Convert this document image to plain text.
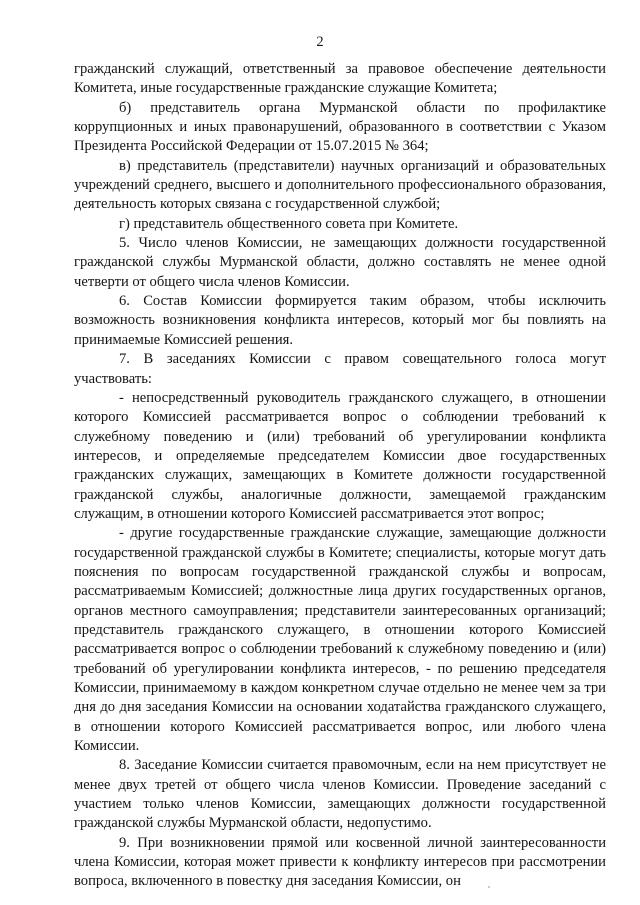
2

гражданский служащий, ответственный за правовое обеспечение деятельности Комитета, иные государственные гражданские служащие Комитета;

б) представитель органа Мурманской области по профилактике коррупционных и иных правонарушений, образованного в соответствии с Указом Президента Российской Федерации от 15.07.2015 № 364;

в) представитель (представители) научных организаций и образовательных учреждений среднего, высшего и дополнительного профессионального образования, деятельность которых связана с государственной службой;

г) представитель общественного совета при Комитете.

5. Число членов Комиссии, не замещающих должности государственной гражданской службы Мурманской области, должно составлять не менее одной четверти от общего числа членов Комиссии.

6. Состав Комиссии формируется таким образом, чтобы исключить возможность возникновения конфликта интересов, который мог бы повлиять на принимаемые Комиссией решения.

7. В заседаниях Комиссии с правом совещательного голоса могут участвовать:

- непосредственный руководитель гражданского служащего, в отношении которого Комиссией рассматривается вопрос о соблюдении требований к служебному поведению и (или) требований об урегулировании конфликта интересов, и определяемые председателем Комиссии двое государственных гражданских служащих, замещающих в Комитете должности государственной гражданской службы, аналогичные должности, замещаемой гражданским служащим, в отношении которого Комиссией рассматривается этот вопрос;

- другие государственные гражданские служащие, замещающие должности государственной гражданской службы в Комитете; специалисты, которые могут дать пояснения по вопросам государственной гражданской службы и вопросам, рассматриваемым Комиссией; должностные лица других государственных органов, органов местного самоуправления; представители заинтересованных организаций; представитель гражданского служащего, в отношении которого Комиссией рассматривается вопрос о соблюдении требований к служебному поведению и (или) требований об урегулировании конфликта интересов, - по решению председателя Комиссии, принимаемому в каждом конкретном случае отдельно не менее чем за три дня до дня заседания Комиссии на основании ходатайства гражданского служащего, в отношении которого Комиссией рассматривается вопрос, или любого члена Комиссии.

8. Заседание Комиссии считается правомочным, если на нем присутствует не менее двух третей от общего числа членов Комиссии. Проведение заседаний с участием только членов Комиссии, замещающих должности государственной гражданской службы Мурманской области, недопустимо.

9. При возникновении прямой или косвенной личной заинтересованности члена Комиссии, которая может привести к конфликту интересов при рассмотрении вопроса, включенного в повестку дня заседания Комиссии, он
